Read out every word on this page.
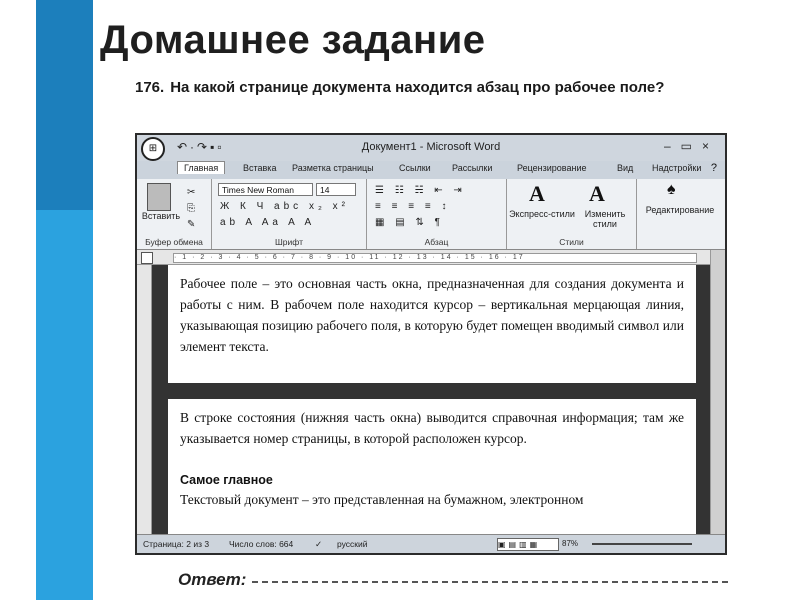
Домашнее задание
176. На какой странице документа находится абзац про рабочее поле?
⊞	↶·↷▪▫	Документ1 - Microsoft Word	–▭×
Главная	Вставка Разметка страницы	Ссылки Рассылки	Рецензирование	Вид Надстройки ?
Вставить
✂ ⎘ ✎
Буфер обмена
Times New Roman	14
Ж К Ч abc x₂ x²
ab A Aa A A
Шрифт
☰ ☷ ☵ ⇤ ⇥
≡ ≡ ≡ ≡ ↕
▦ ▤ ⇅ ¶
Абзац
A
Экспресс-стили
A
Изменить стили
Стили
♠
Редактирование
· 1 · 2 · 3 · 4 · 5 · 6 · 7 · 8 · 9 · 10 · 11 · 12 · 13 · 14 · 15 · 16 · 17
Рабочее поле – это основная часть окна, предназначенная для создания документа и работы с ним. В рабочем поле находится курсор – вертикальная мерцающая линия, указывающая позицию рабочего поля, в которую будет помещен вводимый символ или элемент текста.
В строке состояния (нижняя часть окна) выводится справочная информация; там же указывается номер страницы, в которой расположен курсор.
Самое главное
Текстовый документ – это представленная на бумажном, электронном
Страница: 2 из 3 Число слов: 664	✓ русский	▣▤▥▦	87%
Ответ:
